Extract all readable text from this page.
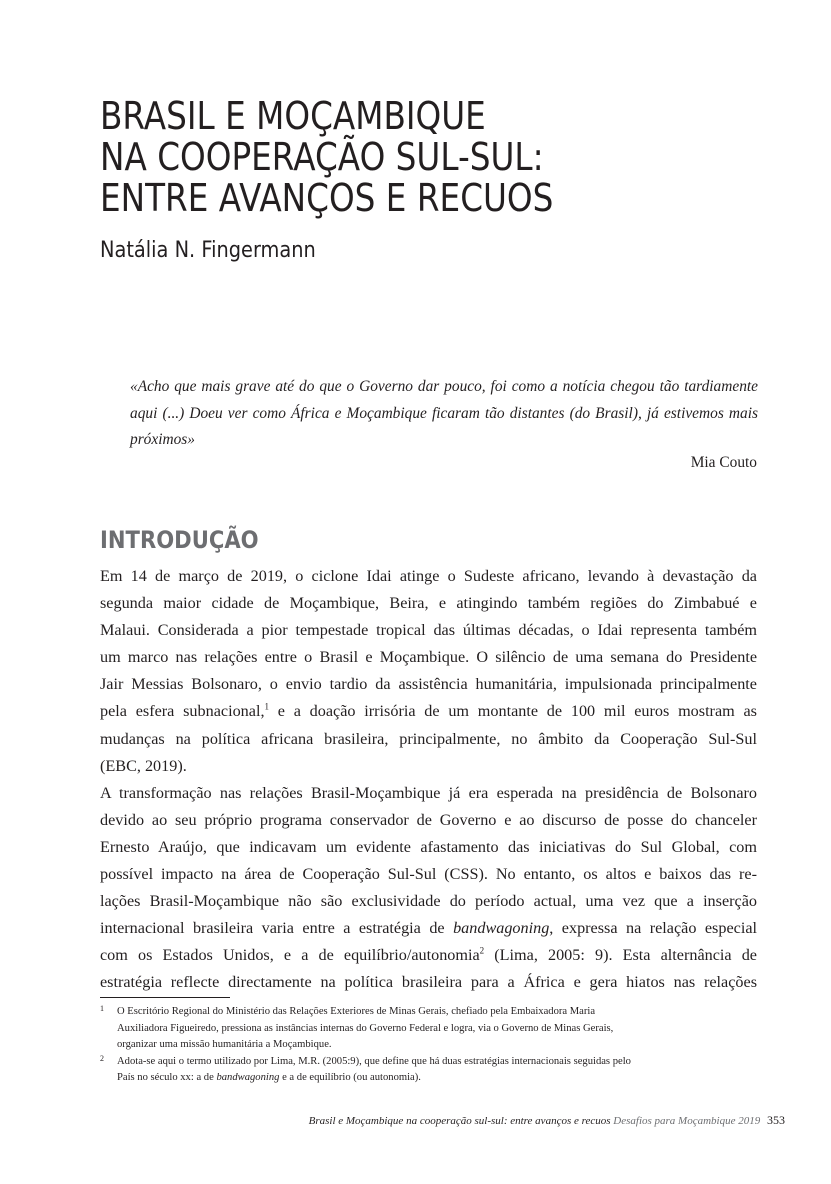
BRASIL E MOÇAMBIQUE
NA COOPERAÇÃO SUL-SUL:
ENTRE AVANÇOS E RECUOS
Natália N. Fingermann
«Acho que mais grave até do que o Governo dar pouco, foi como a notícia chegou tão tardiamente
aqui (...) Doeu ver como África e Moçambique ficaram tão distantes (do Brasil), já estivemos mais
próximos»
Mia Couto
INTRODUÇÃO

Em 14 de março de 2019, o ciclone Idai atinge o Sudeste africano, levando à devastação da
segunda maior cidade de Moçambique, Beira, e atingindo também regiões do Zimbabué e
Malaui. Considerada a pior tempestade tropical das últimas décadas, o Idai representa também
um marco nas relações entre o Brasil e Moçambique. O silêncio de uma semana do Presidente
Jair Messias Bolsonaro, o envio tardio da assistência humanitária, impulsionada principalmente
pela esfera subnacional,$^1$ e a doação irrisória de um montante de 100 mil euros mostram as
mudanças na política africana brasileira, principalmente, no âmbito da Cooperação Sul-Sul
(EBC, 2019).

A transformação nas relações Brasil-Moçambique já era esperada na presidência de Bolsonaro
devido ao seu próprio programa conservador de Governo e ao discurso de posse do chanceler
Ernesto Araújo, que indicavam um evidente afastamento das iniciativas do Sul Global, com
possível impacto na área de Cooperação Sul-Sul (CSS). No entanto, os altos e baixos das re-
lações Brasil-Moçambique não são exclusividade do período actual, uma vez que a inserção
internacional brasileira varia entre a estratégia de bandwagoning, expressa na relação especial
com os Estados Unidos, e a de equilíbrio/autonomia$^2$ (Lima, 2005: 9). Esta alternância de
estratégia reflecte directamente na política brasileira para a África e gera hiatos nas relações

1 O Escritório Regional do Ministério das Relações Exteriores de Minas Gerais, chefiado pela Embaixadora Maria
Auxiliadora Figueiredo, pressiona as instâncias internas do Governo Federal e logra, via o Governo de Minas Gerais,
organizar uma missão humanitária a Moçambique.
2 Adota-se aqui o termo utilizado por Lima, M.R. (2005:9), que define que há duas estratégias internacionais seguidas pelo
País no século xx: a de bandwagoning e a de equilíbrio (ou autonomia).
Brasil e Moçambique na cooperação sul-sul: entre avanços e recuos Desafios para Moçambique 2019 353
